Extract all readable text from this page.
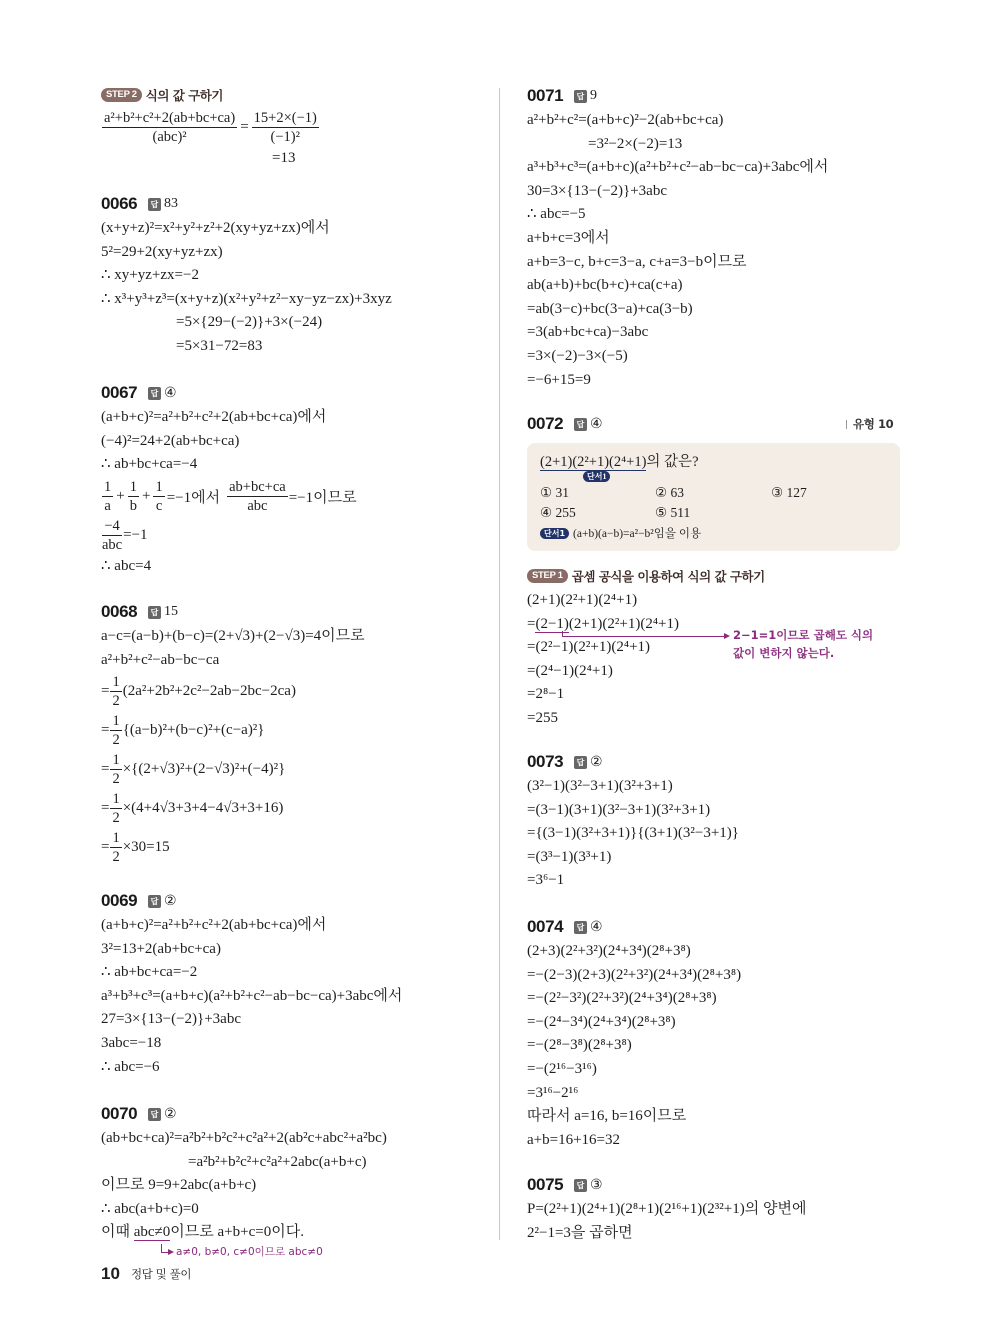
STEP 2 식의 값 구하기
$\frac{\text{a²+b²+c²+2(ab+bc+ca)}}{\text{(abc)²}} = \frac{15+2\times(-1)}{\text{(−1)²}}$
=13
0066	답 83
(x+y+z)²=x²+y²+z²+2(xy+yz+zx)에서
5²=29+2(xy+yz+zx)
∴ xy+yz+zx=−2
∴ x³+y³+z³=(x+y+z)(x²+y²+z²−xy−yz−zx)+3xyz
=5×{29−(−2)}+3×(−24)
=5×31−72=83
0067	답 ④
(a+b+c)²=a²+b²+c²+2(ab+bc+ca)에서
(−4)²=24+2(ab+bc+ca)
∴ ab+bc+ca=−4
$\frac{1}{a} + \frac{1}{b} + \frac{1}{c} =-1$에서 $\frac{ab+bc+ca}{\text{abc}} =-1$이므로
$\frac{-4}{\text{abc}} =-1$
∴ abc=4
0068	답 15
a−c=(a−b)+(b−c)=(2+√3)+(2−√3)=4이므로
a²+b²+c²−ab−bc−ca
= $\frac{1}{2} (2a^2+2b^2+2c^2-2ab-2bc-2ca)$
= $\frac{1}{2} \{(a-b)^2+(b-c)^2+(c-a)^2\}$
= $\frac{1}{2} \times\{(2+√3)^2+(2-√3)^2+(-4)^2\}$
= $\frac{1}{2} \times(4+4√3+3+4-4√3+3+16)$
= $\frac{1}{2} \times 30=15$
0069	답 ②
(a+b+c)²=a²+b²+c²+2(ab+bc+ca)에서
3²=13+2(ab+bc+ca)
∴ ab+bc+ca=−2
a³+b³+c³=(a+b+c)(a²+b²+c²−ab−bc−ca)+3abc에서
27=3×{13−(−2)}+3abc
3abc=−18
∴ abc=−6
0070	답 ②
(ab+bc+ca)²=a²b²+b²c²+c²a²+2(ab²c+abc²+a²bc)
=a²b²+b²c²+c²a²+2abc(a+b+c)
이므로 9=9+2abc(a+b+c)
∴ abc(a+b+c)=0
이때 abc≠0이므로 a+b+c=0이다.
a≠0, b≠0, c≠0이므로 abc≠0
10 정답 및 풀이
0071	답 9
a²+b²+c²=(a+b+c)²−2(ab+bc+ca)
=3²−2×(−2)=13
a³+b³+c³=(a+b+c)(a²+b²+c²−ab−bc−ca)+3abc에서
30=3×{13−(−2)}+3abc
∴ abc=−5
a+b+c=3에서
a+b=3−c, b+c=3−a, c+a=3−b이므로
ab(a+b)+bc(b+c)+ca(c+a)
=ab(3−c)+bc(3−a)+ca(3−b)
=3(ab+bc+ca)−3abc
=3×(−2)−3×(−5)
=−6+15=9
0072	답 ④	유형 10
(2+1)(2²+1)(2⁴+1)의 값은?
단서1
① 31	② 63	③ 127
④ 255	⑤ 511
단서1 (a+b)(a−b)=a²−b²임을 이용
STEP 1 곱셈 공식을 이용하여 식의 값 구하기
(2+1)(2²+1)(2⁴+1)
=(2−1)(2+1)(2²+1)(2⁴+1)
=(2²−1)(2²+1)(2⁴+1)
=(2⁴−1)(2⁴+1)
=2⁸−1
=255
2−1=1이므로 곱해도 식의
값이 변하지 않는다.
0073	답 ②
(3²−1)(3²−3+1)(3²+3+1)
=(3−1)(3+1)(3²−3+1)(3²+3+1)
={(3−1)(3²+3+1)}{(3+1)(3²−3+1)}
=(3³−1)(3³+1)
=3⁶−1
0074	답 ④
(2+3)(2²+3²)(2⁴+3⁴)(2⁸+3⁸)
=−(2−3)(2+3)(2²+3²)(2⁴+3⁴)(2⁸+3⁸)
=−(2²−3²)(2²+3²)(2⁴+3⁴)(2⁸+3⁸)
=−(2⁴−3⁴)(2⁴+3⁴)(2⁸+3⁸)
=−(2⁸−3⁸)(2⁸+3⁸)
=−(2¹⁶−3¹⁶)
=3¹⁶−2¹⁶
따라서 a=16, b=16이므로
a+b=16+16=32
0075	답 ③
P=(2²+1)(2⁴+1)(2⁸+1)(2¹⁶+1)(2³²+1)의 양변에
2²−1=3을 곱하면
